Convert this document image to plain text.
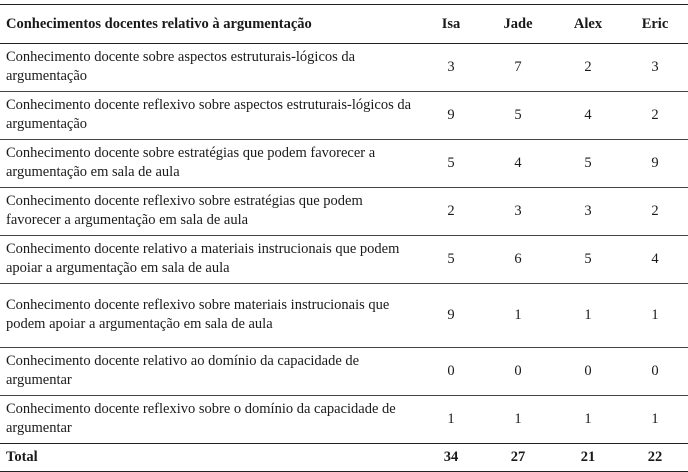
Conhecimentos docentes relativo à argumentação	Isa	Jade	Alex	Eric
Conhecimento docente sobre aspectos estruturais-lógicos da argumentação	3	7	2	3
Conhecimento docente reflexivo sobre aspectos estruturais-lógicos da argumentação	9	5	4	2
Conhecimento docente sobre estratégias que podem favorecer a argumentação em sala de aula	5	4	5	9
Conhecimento docente reflexivo sobre estratégias que podem favorecer a argumentação em sala de aula	2	3	3	2
Conhecimento docente relativo a materiais instrucionais que podem apoiar a argumentação em sala de aula	5	6	5	4
Conhecimento docente reflexivo sobre materiais instrucionais que podem apoiar a argumentação em sala de aula	9	1	1	1
Conhecimento docente relativo ao domínio da capacidade de argumentar	0	0	0	0
Conhecimento docente reflexivo sobre o domínio da capacidade de argumentar	1	1	1	1
Total	34	27	21	22
